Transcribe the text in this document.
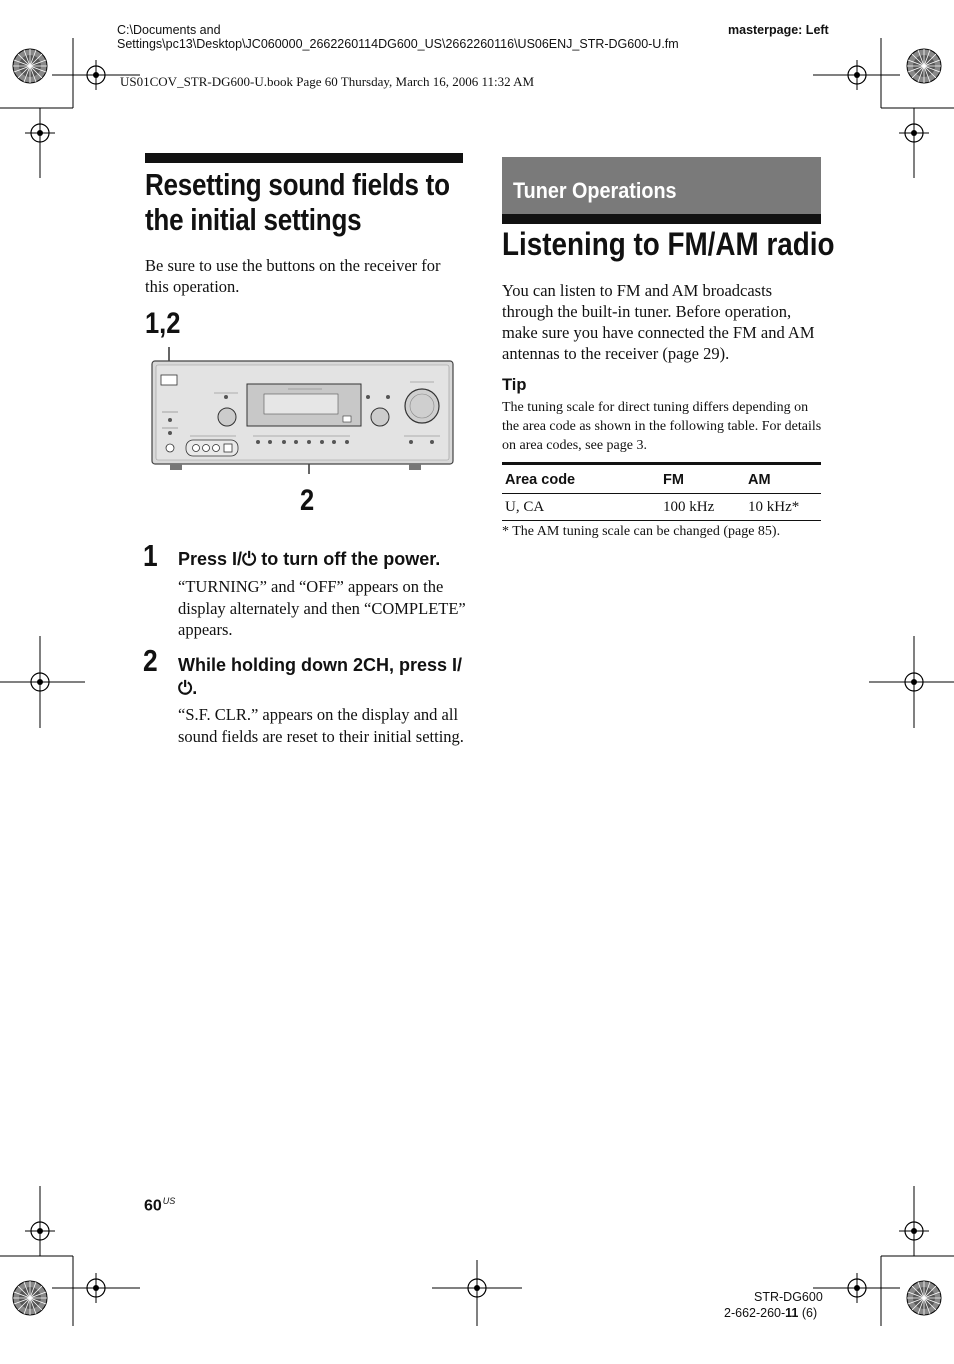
C:\Documents and Settings\pc13\Desktop\JC060000_2662260114DG600_US\2662260116\US06ENJ_STR-DG600-U.fm
US01COV_STR-DG600-U.book Page 60 Thursday, March 16, 2006 11:32 AM
masterpage: Left
Resetting sound fields to the initial settings
Be sure to use the buttons on the receiver for this operation.
1,2
2
1 Press I/⏻ to turn off the power.
“TURNING” and “OFF” appears on the display alternately and then “COMPLETE” appears.
2 While holding down 2CH, press I/⏻.
“S.F. CLR.” appears on the display and all sound fields are reset to their initial setting.
Tuner Operations
Listening to FM/AM radio
You can listen to FM and AM broadcasts through the built-in tuner. Before operation, make sure you have connected the FM and AM antennas to the receiver (page 29).
Tip
The tuning scale for direct tuning differs depending on the area code as shown in the following table. For details on area codes, see page 3.
Area code	FM	AM
U, CA	100 kHz	10 kHz*
* The AM tuning scale can be changed (page 85).
$60^{US}$
STR-DG600
2-662-260-11 (6)
